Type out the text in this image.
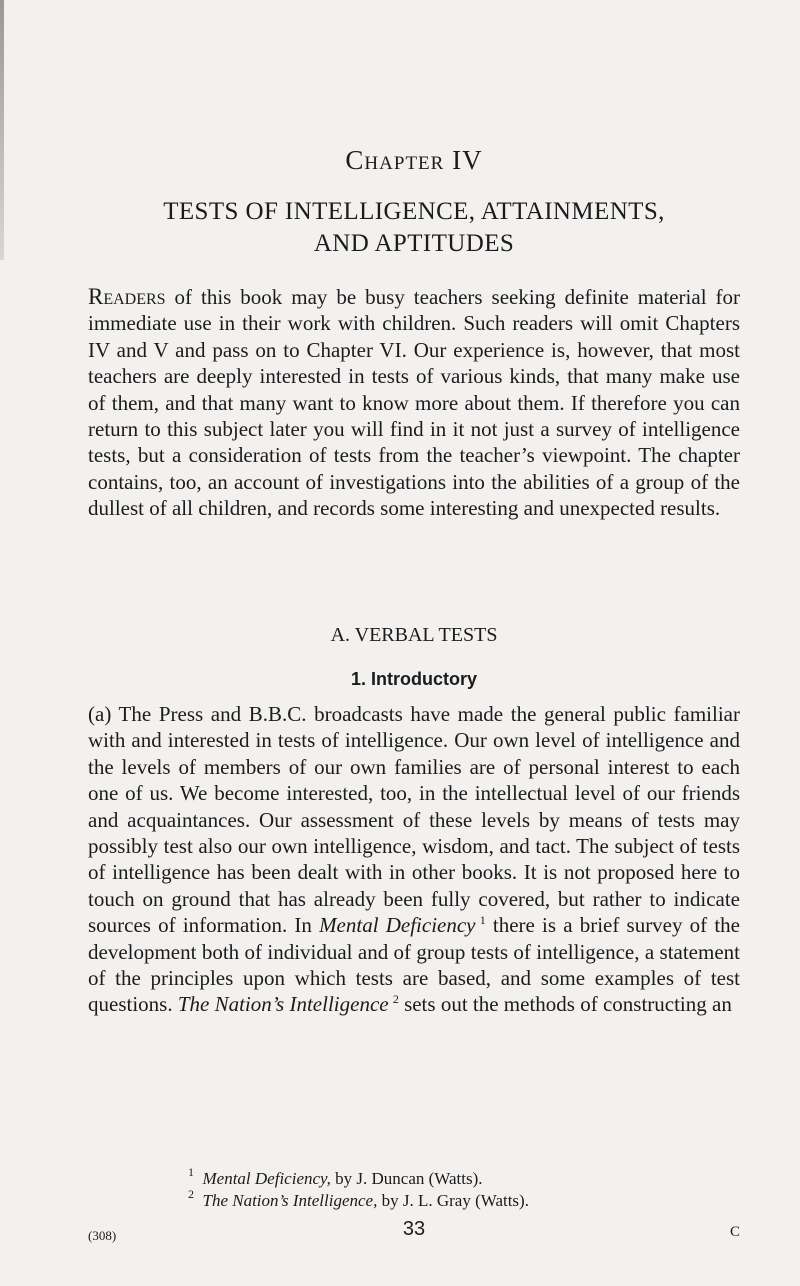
Chapter IV
TESTS OF INTELLIGENCE, ATTAINMENTS,
AND APTITUDES

Readers of this book may be busy teachers seeking definite material for immediate use in their work with children. Such readers will omit Chapters IV and V and pass on to Chapter VI. Our experience is, however, that most teachers are deeply interested in tests of various kinds, that many make use of them, and that many want to know more about them. If therefore you can return to this subject later you will find in it not just a survey of intelligence tests, but a consideration of tests from the teacher’s viewpoint. The chapter contains, too, an account of investigations into the abilities of a group of the dullest of all children, and records some interesting and unexpected results.

A. VERBAL TESTS
1. Introductory

(a) The Press and B.B.C. broadcasts have made the general public familiar with and interested in tests of intelligence. Our own level of intelligence and the levels of members of our own families are of personal interest to each one of us. We become interested, too, in the intellectual level of our friends and acquaintances. Our assessment of these levels by means of tests may possibly test also our own intelligence, wisdom, and tact. The subject of tests of intelligence has been dealt with in other books. It is not proposed here to touch on ground that has already been fully covered, but rather to indicate sources of information. In Mental Deficiency  $^1$ there is a brief survey of the development both of individual and of group tests of intelligence, a statement of the principles upon which tests are based, and some examples of test questions. The Nation’s Intelligence  $^2$ sets out the methods of constructing an

$^1$  Mental Deficiency, by J. Duncan (Watts).
$^2$  The Nation’s Intelligence, by J. L. Gray (Watts).
(308)	33	C
